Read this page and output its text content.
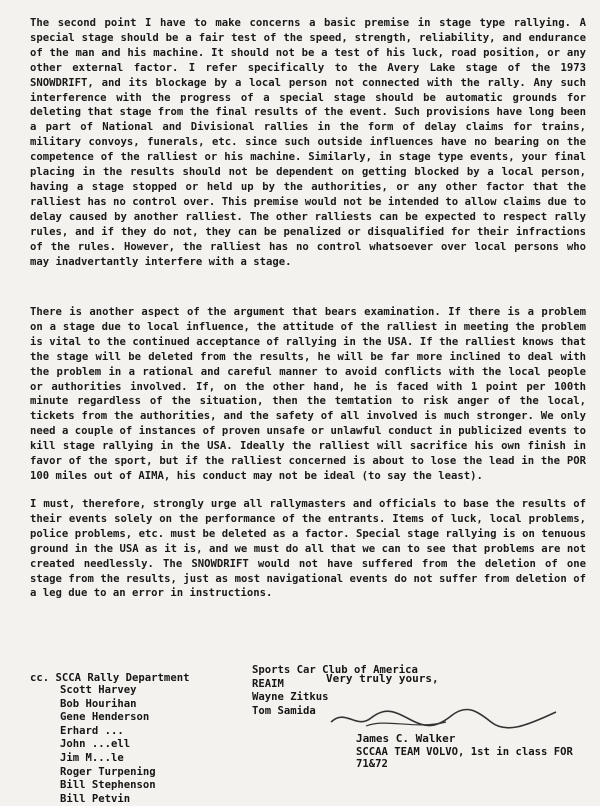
The second point I have to make concerns a basic premise in stage type rallying. A special stage should be a fair test of the speed, strength, reliability, and endurance of the man and his machine. It should not be a test of his luck, road position, or any other external factor. I refer specifically to the Avery Lake stage of the 1973 SNOWDRIFT, and its blockage by a local person not connected with the rally. Any such interference with the progress of a special stage should be automatic grounds for deleting that stage from the final results of the event. Such provisions have long been a part of National and Divisional rallies in the form of delay claims for trains, military convoys, funerals, etc. since such outside influences have no bearing on the competence of the ralliest or his machine. Similarly, in stage type events, your final placing in the results should not be dependent on getting blocked by a local person, having a stage stopped or held up by the authorities, or any other factor that the ralliest has no control over. This premise would not be intended to allow claims due to delay caused by another ralliest. The other ralliests can be expected to respect rally rules, and if they do not, they can be penalized or disqualified for their infractions of the rules. However, the ralliest has no control whatsoever over local persons who may inadvertantly interfere with a stage.

There is another aspect of the argument that bears examination. If there is a problem on a stage due to local influence, the attitude of the ralliest in meeting the problem is vital to the continued acceptance of rallying in the USA. If the ralliest knows that the stage will be deleted from the results, he will be far more inclined to deal with the problem in a rational and careful manner to avoid conflicts with the local people or authorities involved. If, on the other hand, he is faced with 1 point per 100th minute regardless of the situation, then the temtation to risk anger of the local, tickets from the authorities, and the safety of all involved is much stronger. We only need a couple of instances of proven unsafe or unlawful conduct in publicized events to kill stage rallying in the USA. Ideally the ralliest will sacrifice his own finish in favor of the sport, but if the ralliest concerned is about to lose the lead in the POR 100 miles out of AIMA, his conduct may not be ideal (to say the least).

I must, therefore, strongly urge all rallymasters and officials to base the results of their events solely on the performance of the entrants. Items of luck, local problems, police problems, etc. must be deleted as a factor. Special stage rallying is on tenuous ground in the USA as it is, and we must do all that we can to see that problems are not created needlessly. The SNOWDRIFT would not have suffered from the deletion of one stage from the results, just as most navigational events do not suffer from deletion of a leg due to an error in instructions.

Very truly yours,
James C. Walker
SCCAA TEAM VOLVO, 1st in class FOR 71&72
cc. SCCA Rally Department
Scott Harvey
Bob Hourihan
Gene Henderson
Erhard ...
John ...ell
Jim M...le
Roger Turpening
Bill Stephenson
Bill Petvin
Sports Car Club of America
REAIM
Wayne Zitkus
Tom Samida
